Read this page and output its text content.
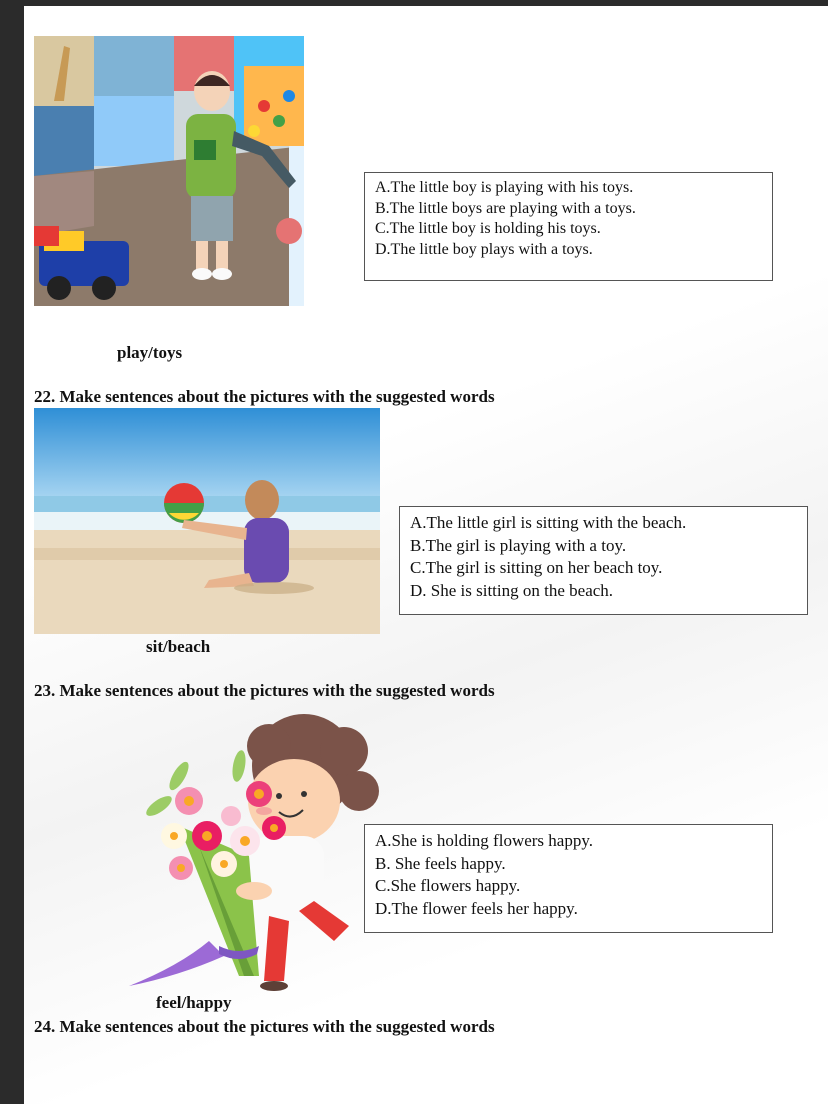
A.The little boy is playing with his toys.
B.The little boys are playing with a toys.
C.The little boy is holding his toys.
D.The little boy plays with a toys.
play/toys
22. Make sentences about the pictures with the suggested words
A.The little girl is sitting with the beach.
B.The girl is playing with a toy.
C.The girl is sitting on her beach toy.
D. She is sitting on the beach.
sit/beach
23. Make sentences about the pictures with the suggested words
A.She is holding flowers happy.
B. She feels happy.
C.She flowers happy.
D.The flower feels her happy.
feel/happy
24. Make sentences about the pictures with the suggested words
